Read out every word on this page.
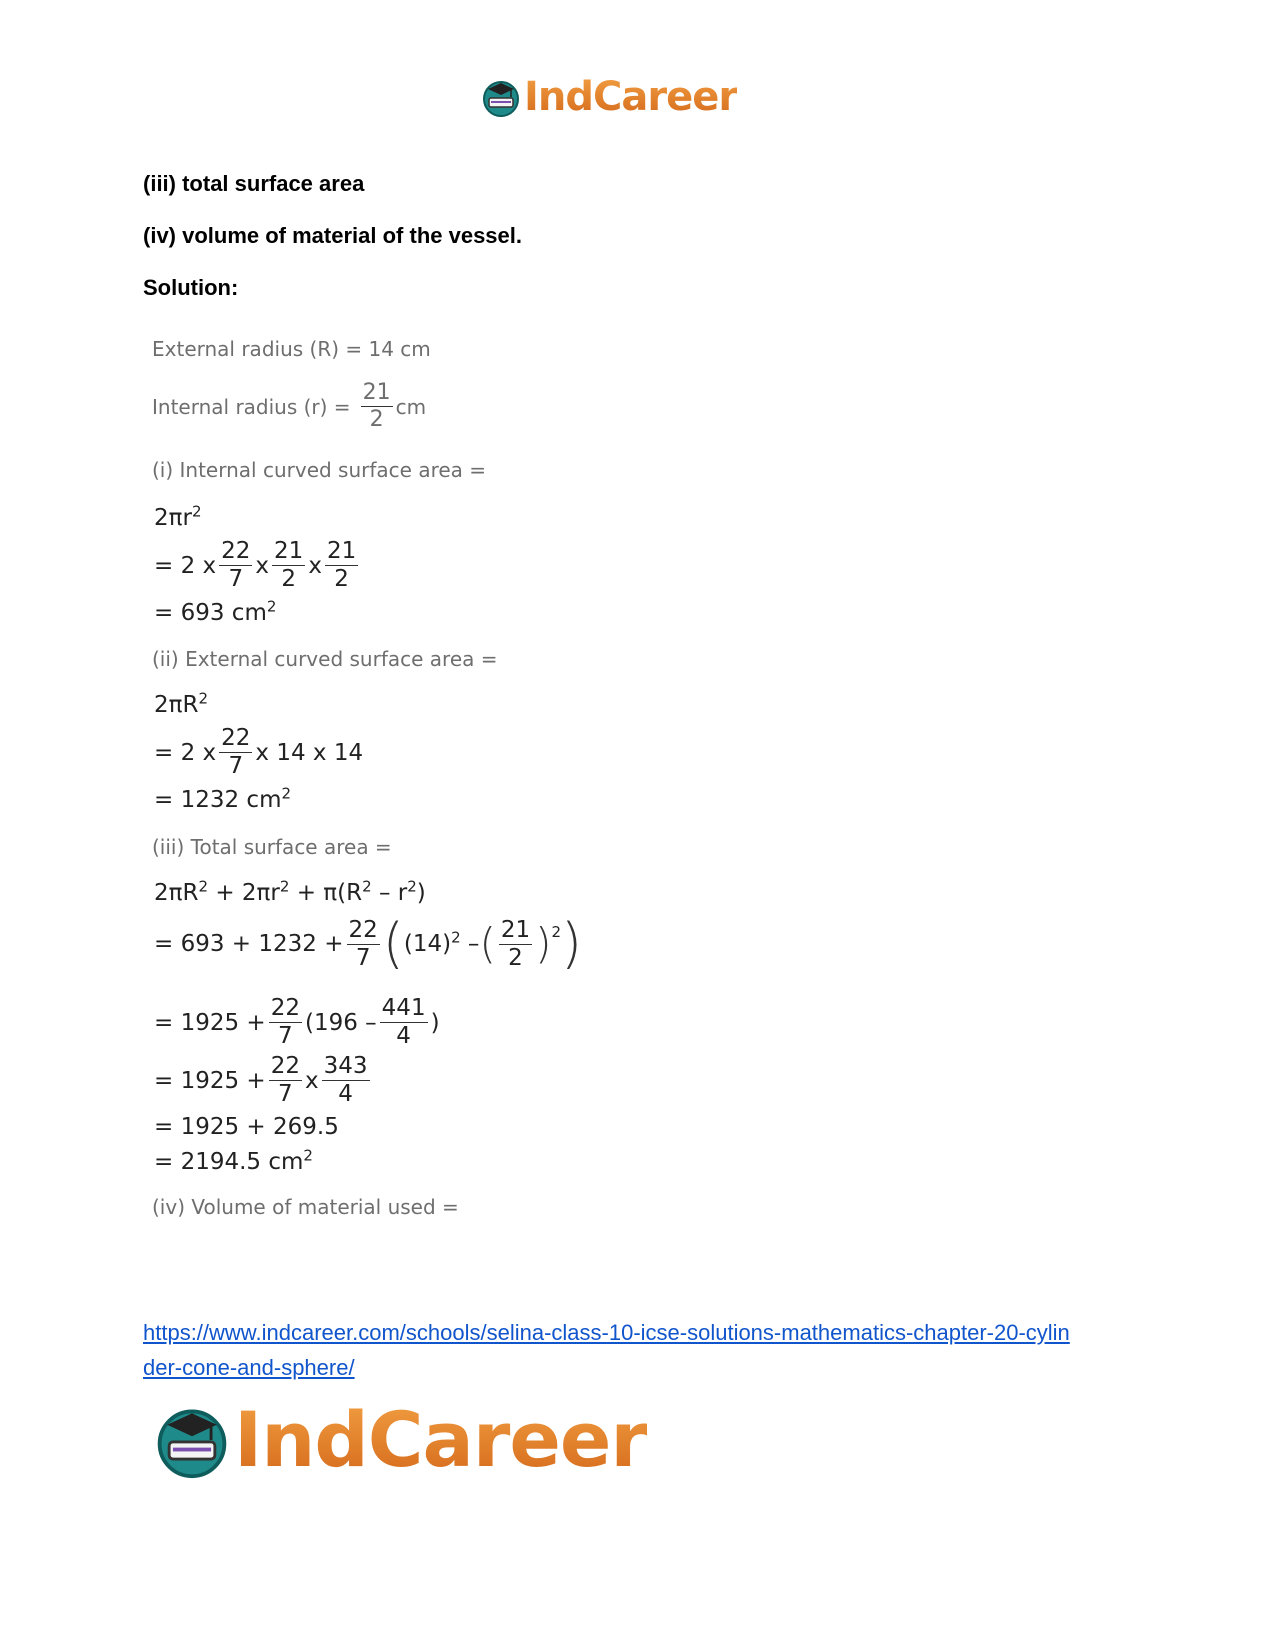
IndCareer
(iii) total surface area
(iv) volume of material of the vessel.
Solution:
External radius (R) = 14 cm
Internal radius $(r) = \frac{21}{2}$ cm
(i) Internal curved surface area =
$2\pi r^2$
= 2 x $\frac{22}{7}$ x $\frac{21}{2}$ x $\frac{21}{2}$
= 693 $cm^2$
(ii) External curved surface area =
$2\pi R^2$
= 2 x $\frac{22}{7}$ x 14 x 14
= 1232 $cm^2$
(iii) Total surface area =
$2\pi R^2 + 2\pi r^2 + \pi(R^2 - r^2)$
= $693 + 1232 + \frac{22}{7}$ ( $(14)^2$ – ( $\frac{21}{2}$ ) 2 )
= $1925 + \frac{22}{7} (196 - \frac{441}{4}$ )
= $1925 + \frac{22}{7}$ x $\frac{343}{4}$
= 1925 + 269.5
= 2194.5 $cm^2$
(iv) Volume of material used =
https://www.indcareer.com/schools/selina-class-10-icse-solutions-mathematics-chapter-20-cylin
der-cone-and-sphere/
IndCareer
